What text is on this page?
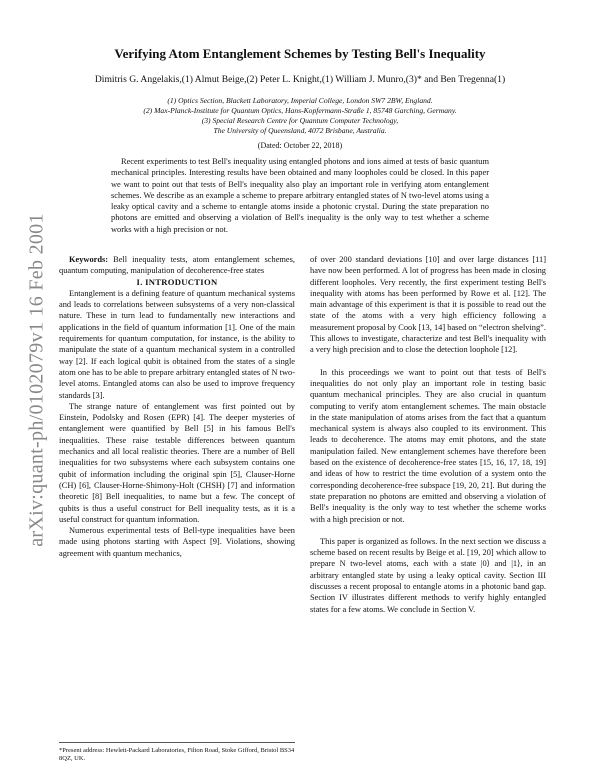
arXiv:quant-ph/0102079v1 16 Feb 2001
Verifying Atom Entanglement Schemes by Testing Bell's Inequality
Dimitris G. Angelakis,(1) Almut Beige,(2) Peter L. Knight,(1) William J. Munro,(3)* and Ben Tregenna(1)
(1) Optics Section, Blackett Laboratory, Imperial College, London SW7 2BW, England.
(2) Max-Planck-Institute for Quantum Optics, Hans-Kopfermann-Straße 1, 85748 Garching, Germany.
(3) Special Research Centre for Quantum Computer Technology,
The University of Queensland, 4072 Brisbane, Australia.
(Dated: October 22, 2018)

Recent experiments to test Bell's inequality using entangled photons and ions aimed at tests of basic quantum mechanical principles. Interesting results have been obtained and many loopholes could be closed. In this paper we want to point out that tests of Bell's inequality also play an important role in verifying atom entanglement schemes. We describe as an example a scheme to prepare arbitrary entangled states of N two-level atoms using a leaky optical cavity and a scheme to entangle atoms inside a photonic crystal. During the state preparation no photons are emitted and observing a violation of Bell's inequality is the only way to test whether a scheme works with a high precision or not.

Keywords: Bell inequality tests, atom entanglement schemes, quantum computing, manipulation of decoherence-free states

I. INTRODUCTION

Entanglement is a defining feature of quantum mechanical systems and leads to correlations between subsystems of a very non-classical nature. These in turn lead to fundamentally new interactions and applications in the field of quantum information [1]. One of the main requirements for quantum computation, for instance, is the ability to manipulate the state of a quantum mechanical system in a controlled way [2]. If each logical qubit is obtained from the states of a single atom one has to be able to prepare arbitrary entangled states of N two-level atoms. Entangled atoms can also be used to improve frequency standards [3].

The strange nature of entanglement was first pointed out by Einstein, Podolsky and Rosen (EPR) [4]. The deeper mysteries of entanglement were quantified by Bell [5] in his famous Bell's inequalities. These raise testable differences between quantum mechanics and all local realistic theories. There are a number of Bell inequalities for two subsystems where each subsystem contains one qubit of information including the original spin [5], Clauser-Horne (CH) [6], Clauser-Horne-Shimony-Holt (CHSH) [7] and information theoretic [8] Bell inequalities, to name but a few. The concept of qubits is thus a useful construct for Bell inequality tests, as it is a useful construct for quantum information.

Numerous experimental tests of Bell-type inequalities have been made using photons starting with Aspect [9]. Violations, showing agreement with quantum mechanics,

of over 200 standard deviations [10] and over large distances [11] have now been performed. A lot of progress has been made in closing different loopholes. Very recently, the first experiment testing Bell's inequality with atoms has been performed by Rowe et al. [12]. The main advantage of this experiment is that it is possible to read out the state of the atoms with a very high efficiency following a measurement proposal by Cook [13, 14] based on “electron shelving”. This allows to investigate, characterize and test Bell's inequality with a very high precision and to close the detection loophole [12].

In this proceedings we want to point out that tests of Bell's inequalities do not only play an important role in testing basic quantum mechanical principles. They are also crucial in quantum computing to verify atom entanglement schemes. The main obstacle in the state manipulation of atoms arises from the fact that a quantum mechanical system is always also coupled to its environment. This leads to decoherence. The atoms may emit photons, and the state manipulation failed. New entanglement schemes have therefore been based on the existence of decoherence-free states [15, 16, 17, 18, 19] and ideas of how to restrict the time evolution of a system onto the corresponding decoherence-free subspace [19, 20, 21]. But during the state preparation no photons are emitted and observing a violation of Bell's inequality is the only way to test whether the scheme works with a high precision or not.

This paper is organized as follows. In the next section we discuss a scheme based on recent results by Beige et al. [19, 20] which allow to prepare N two-level atoms, each with a state |0⟩ and |1⟩, in an arbitrary entangled state by using a leaky optical cavity. Section III discusses a recent proposal to entangle atoms in a photonic band gap. Section IV illustrates different methods to verify highly entangled states for a few atoms. We conclude in Section V.

*Present address: Hewlett-Packard Laboratories, Filton Road, Stoke Gifford, Bristol BS34 8QZ, UK.
